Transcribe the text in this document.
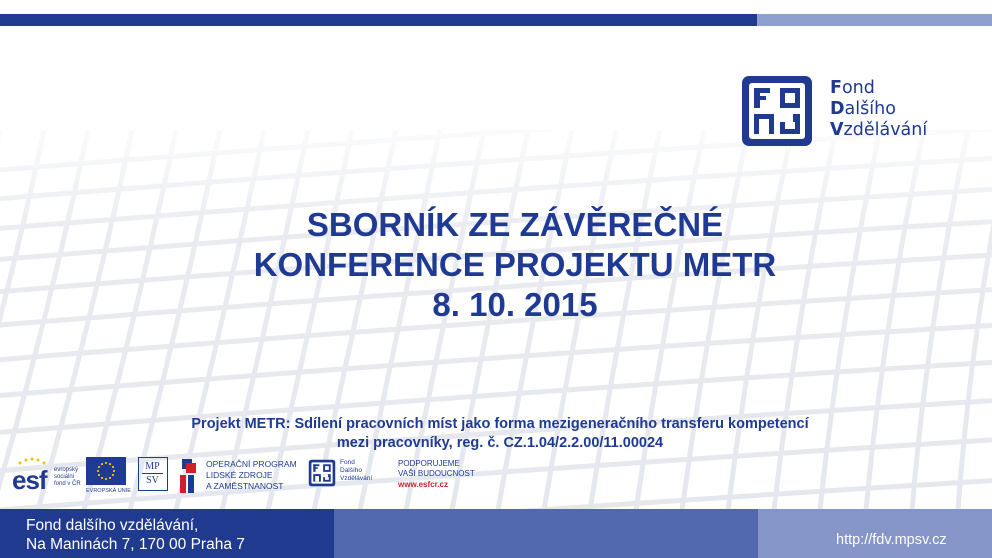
Fond
Dalšího
Vzdělávání
SBORNÍK ZE ZÁVĚREČNÉ
KONFERENCE PROJEKTU METR
8. 10. 2015
Projekt METR: Sdílení pracovních míst jako forma mezigeneračního transferu kompetencí
mezi pracovníky, reg. č. CZ.1.04/2.2.00/11.00024
esf evropský
sociální
fond v ČR
EVROPSKÁ UNIE
MP
SV
OPERAČNÍ PROGRAM
LIDSKÉ ZDROJE
A ZAMĚSTNANOST
Fond
Dalšího
Vzdělávání
PODPORUJEME
VAŠI BUDOUCNOST
www.esfcr.cz
Fond dalšího vzdělávání,
Na Maninách 7, 170 00 Praha 7	http://fdv.mpsv.cz
